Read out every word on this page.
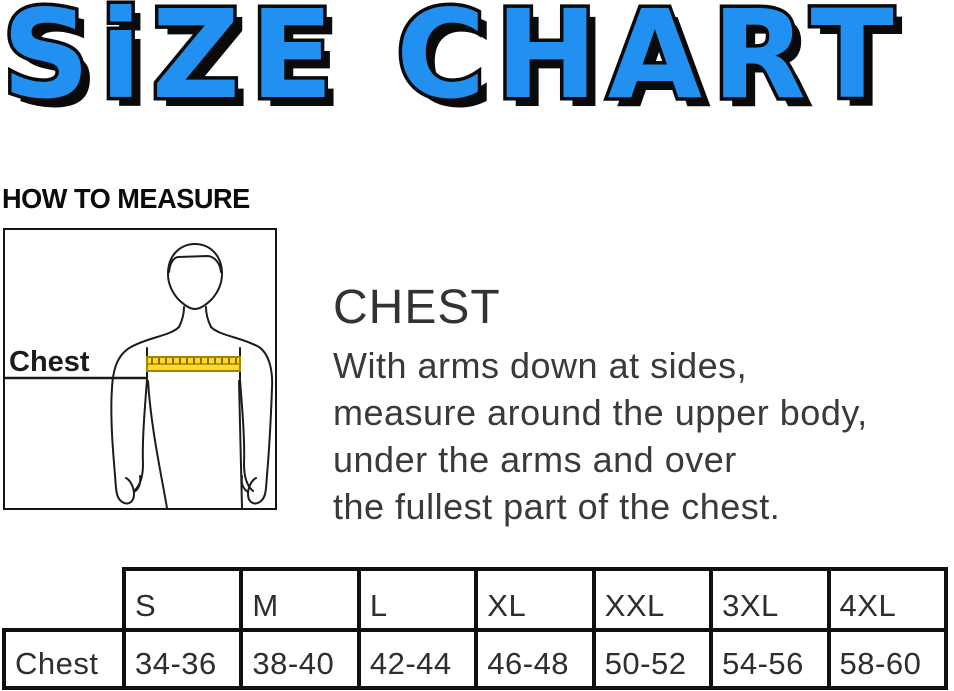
SiZE CHART
HOW TO MEASURE
Chest
CHEST
With arms down at sides,
measure around the upper body,
under the arms and over
the fullest part of the chest.
	S	M	L	XL	XXL	3XL	4XL
Chest	34-36	38-40	42-44	46-48	50-52	54-56	58-60
